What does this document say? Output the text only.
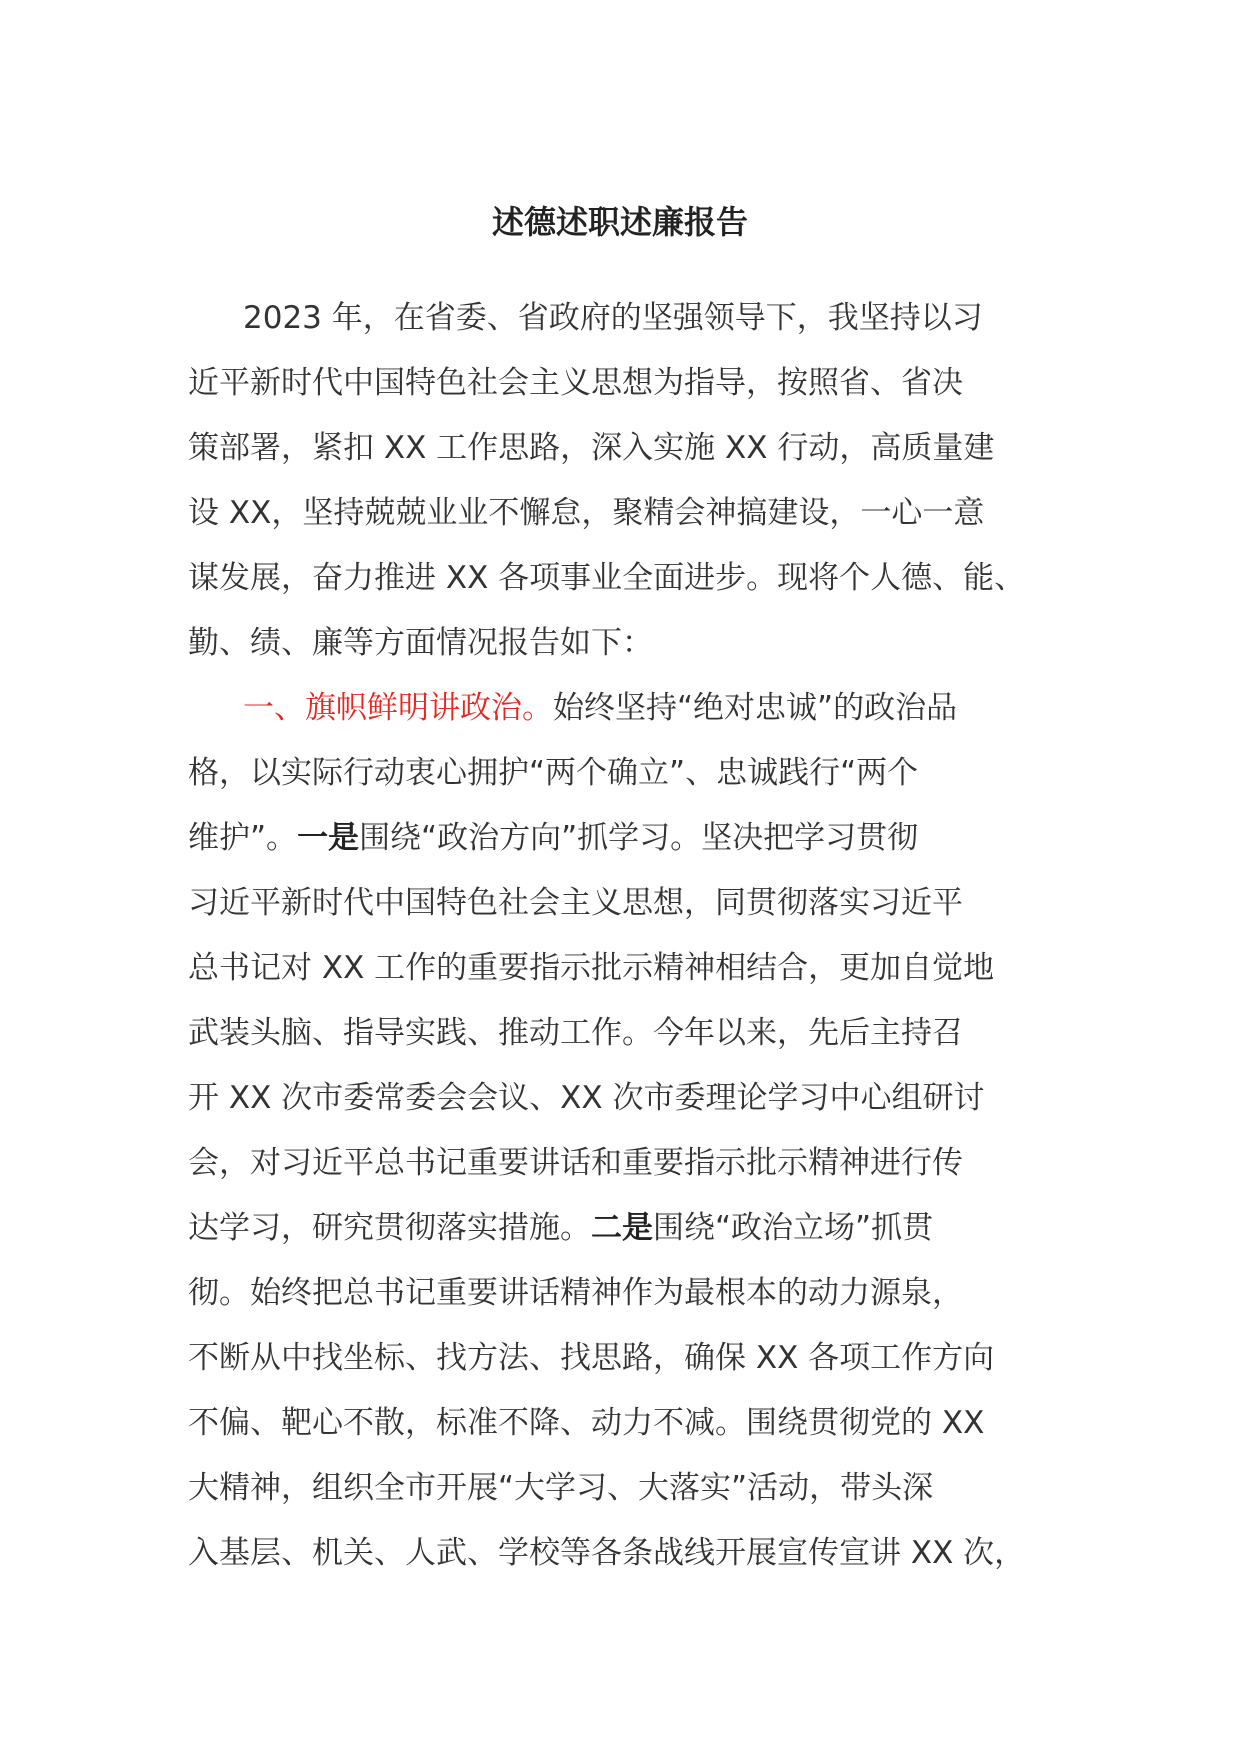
述德述职述廉报告
2023 年，在省委、省政府的坚强领导下，我坚持以习
近平新时代中国特色社会主义思想为指导，按照省、省决
策部署，紧扣 XX 工作思路，深入实施 XX 行动，高质量建
设 XX，坚持兢兢业业不懈怠，聚精会神搞建设，一心一意
谋发展，奋力推进 XX 各项事业全面进步。现将个人德、能、
勤、绩、廉等方面情况报告如下：
一、旗帜鲜明讲政治。始终坚持“绝对忠诚”的政治品
格，以实际行动衷心拥护“两个确立”、忠诚践行“两个
维护”。一是围绕“政治方向”抓学习。坚决把学习贯彻
习近平新时代中国特色社会主义思想，同贯彻落实习近平
总书记对 XX 工作的重要指示批示精神相结合，更加自觉地
武装头脑、指导实践、推动工作。今年以来，先后主持召
开 XX 次市委常委会会议、XX 次市委理论学习中心组研讨
会，对习近平总书记重要讲话和重要指示批示精神进行传
达学习，研究贯彻落实措施。二是围绕“政治立场”抓贯
彻。始终把总书记重要讲话精神作为最根本的动力源泉，
不断从中找坐标、找方法、找思路，确保 XX 各项工作方向
不偏、靶心不散，标准不降、动力不减。围绕贯彻党的 XX
大精神，组织全市开展“大学习、大落实”活动，带头深
入基层、机关、人武、学校等各条战线开展宣传宣讲 XX 次，
